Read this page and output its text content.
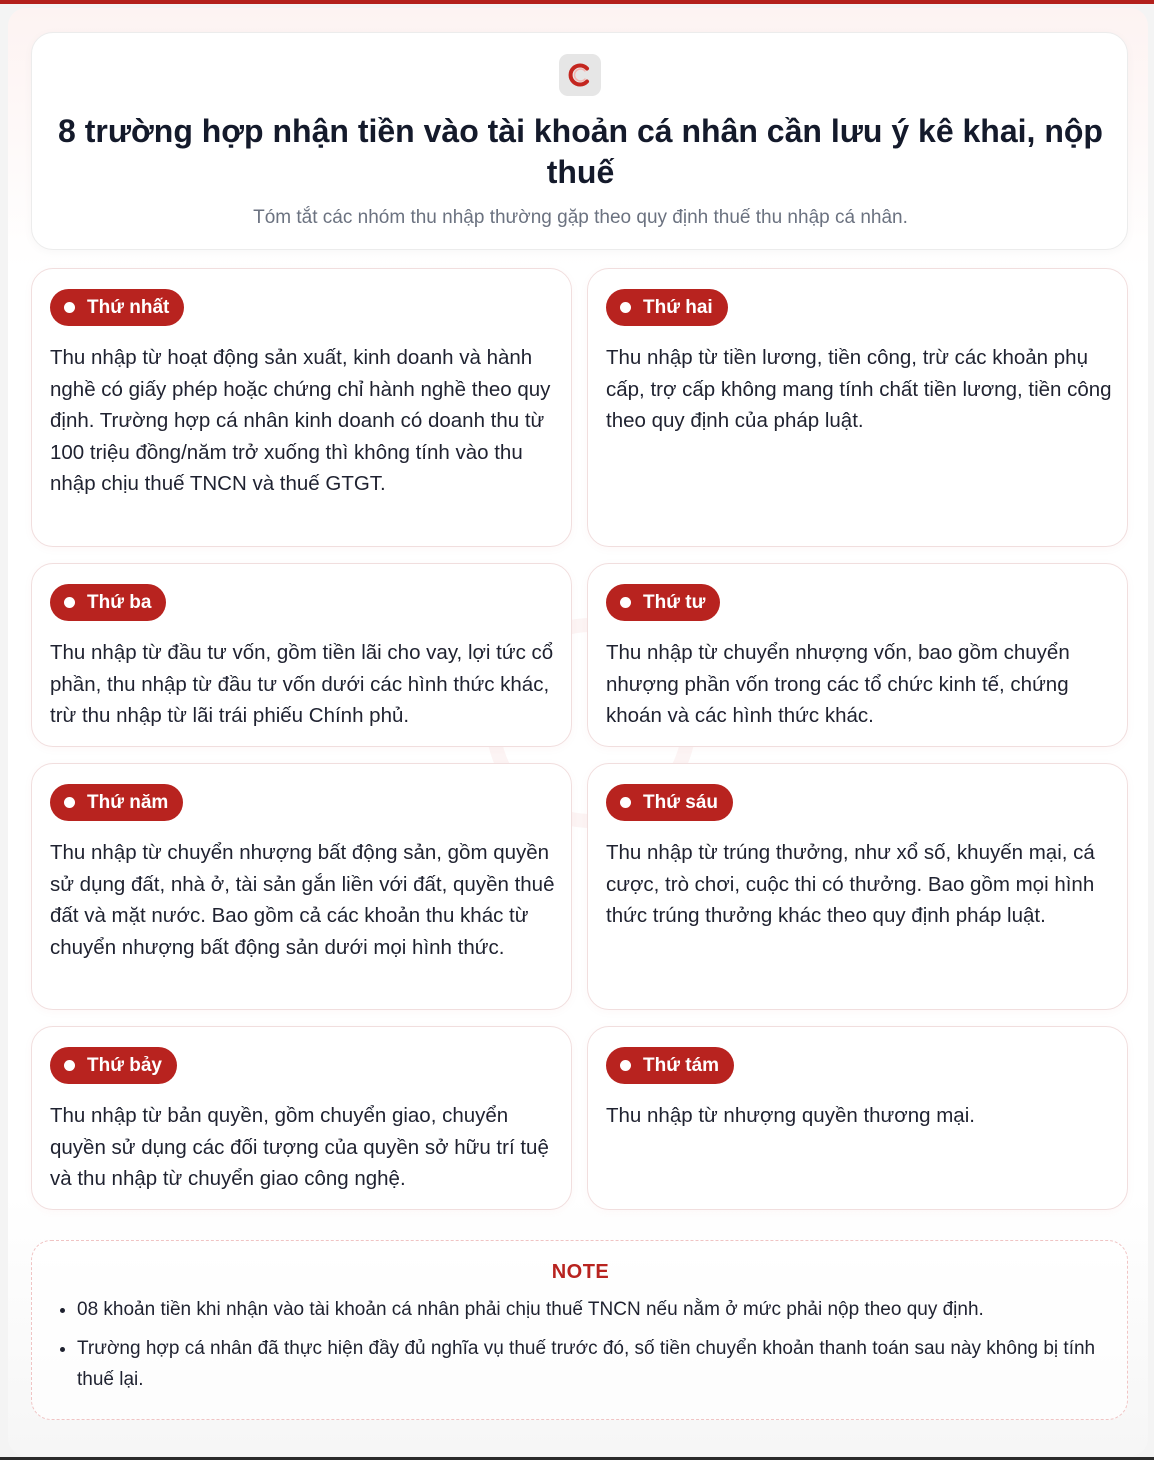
8 trường hợp nhận tiền vào tài khoản cá nhân cần lưu ý kê khai, nộp thuế

Tóm tắt các nhóm thu nhập thường gặp theo quy định thuế thu nhập cá nhân.

Thứ nhất

Thu nhập từ hoạt động sản xuất, kinh doanh và hành nghề có giấy phép hoặc chứng chỉ hành nghề theo quy định. Trường hợp cá nhân kinh doanh có doanh thu từ 100 triệu đồng/năm trở xuống thì không tính vào thu nhập chịu thuế TNCN và thuế GTGT.

Thứ hai

Thu nhập từ tiền lương, tiền công, trừ các khoản phụ cấp, trợ cấp không mang tính chất tiền lương, tiền công theo quy định của pháp luật.

Thứ ba

Thu nhập từ đầu tư vốn, gồm tiền lãi cho vay, lợi tức cổ phần, thu nhập từ đầu tư vốn dưới các hình thức khác, trừ thu nhập từ lãi trái phiếu Chính phủ.

Thứ tư

Thu nhập từ chuyển nhượng vốn, bao gồm chuyển nhượng phần vốn trong các tổ chức kinh tế, chứng khoán và các hình thức khác.

Thứ năm

Thu nhập từ chuyển nhượng bất động sản, gồm quyền sử dụng đất, nhà ở, tài sản gắn liền với đất, quyền thuê đất và mặt nước. Bao gồm cả các khoản thu khác từ chuyển nhượng bất động sản dưới mọi hình thức.

Thứ sáu

Thu nhập từ trúng thưởng, như xổ số, khuyến mại, cá cược, trò chơi, cuộc thi có thưởng. Bao gồm mọi hình thức trúng thưởng khác theo quy định pháp luật.

Thứ bảy

Thu nhập từ bản quyền, gồm chuyển giao, chuyển quyền sử dụng các đối tượng của quyền sở hữu trí tuệ và thu nhập từ chuyển giao công nghệ.

Thứ tám

Thu nhập từ nhượng quyền thương mại.

NOTE
• 08 khoản tiền khi nhận vào tài khoản cá nhân phải chịu thuế TNCN nếu nằm ở mức phải nộp theo quy định.
• Trường hợp cá nhân đã thực hiện đầy đủ nghĩa vụ thuế trước đó, số tiền chuyển khoản thanh toán sau này không bị tính thuế lại.
